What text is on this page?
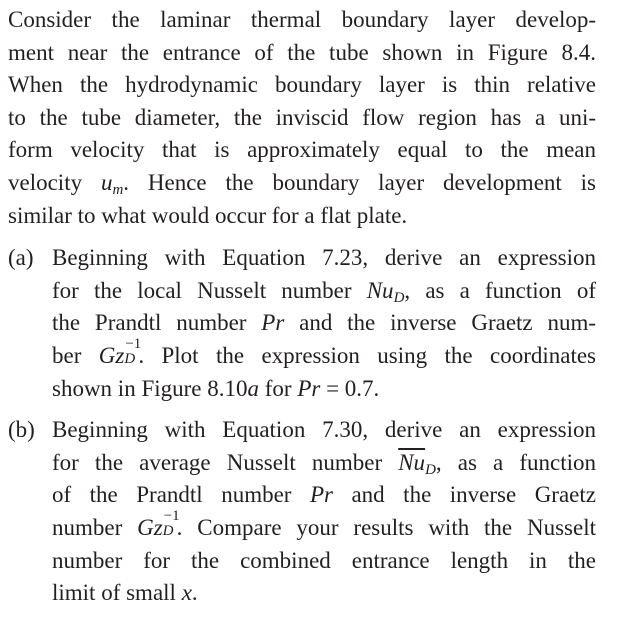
Consider the laminar thermal boundary layer develop-
ment near the entrance of the tube shown in Figure 8.4.
When the hydrodynamic boundary layer is thin relative
to the tube diameter, the inviscid flow region has a uni-
form velocity that is approximately equal to the mean
velocity $u_m$. Hence the boundary layer development is
similar to what would occur for a flat plate.
(a) Beginning with Equation 7.23, derive an expression
for the local Nusselt number $Nu_D$, as a function of
the Prandtl number Pr and the inverse Graetz num-
ber Gz −1
D . Plot the expression using the coordinates
shown in Figure 8.10a for Pr = 0.7.
(b) Beginning with Equation 7.30, derive an expression
for the average Nusselt number $\overline{Nu}_D$, as a function
of the Prandtl number Pr and the inverse Graetz
number Gz −1
D . Compare your results with the Nusselt
number for the combined entrance length in the
limit of small x.
